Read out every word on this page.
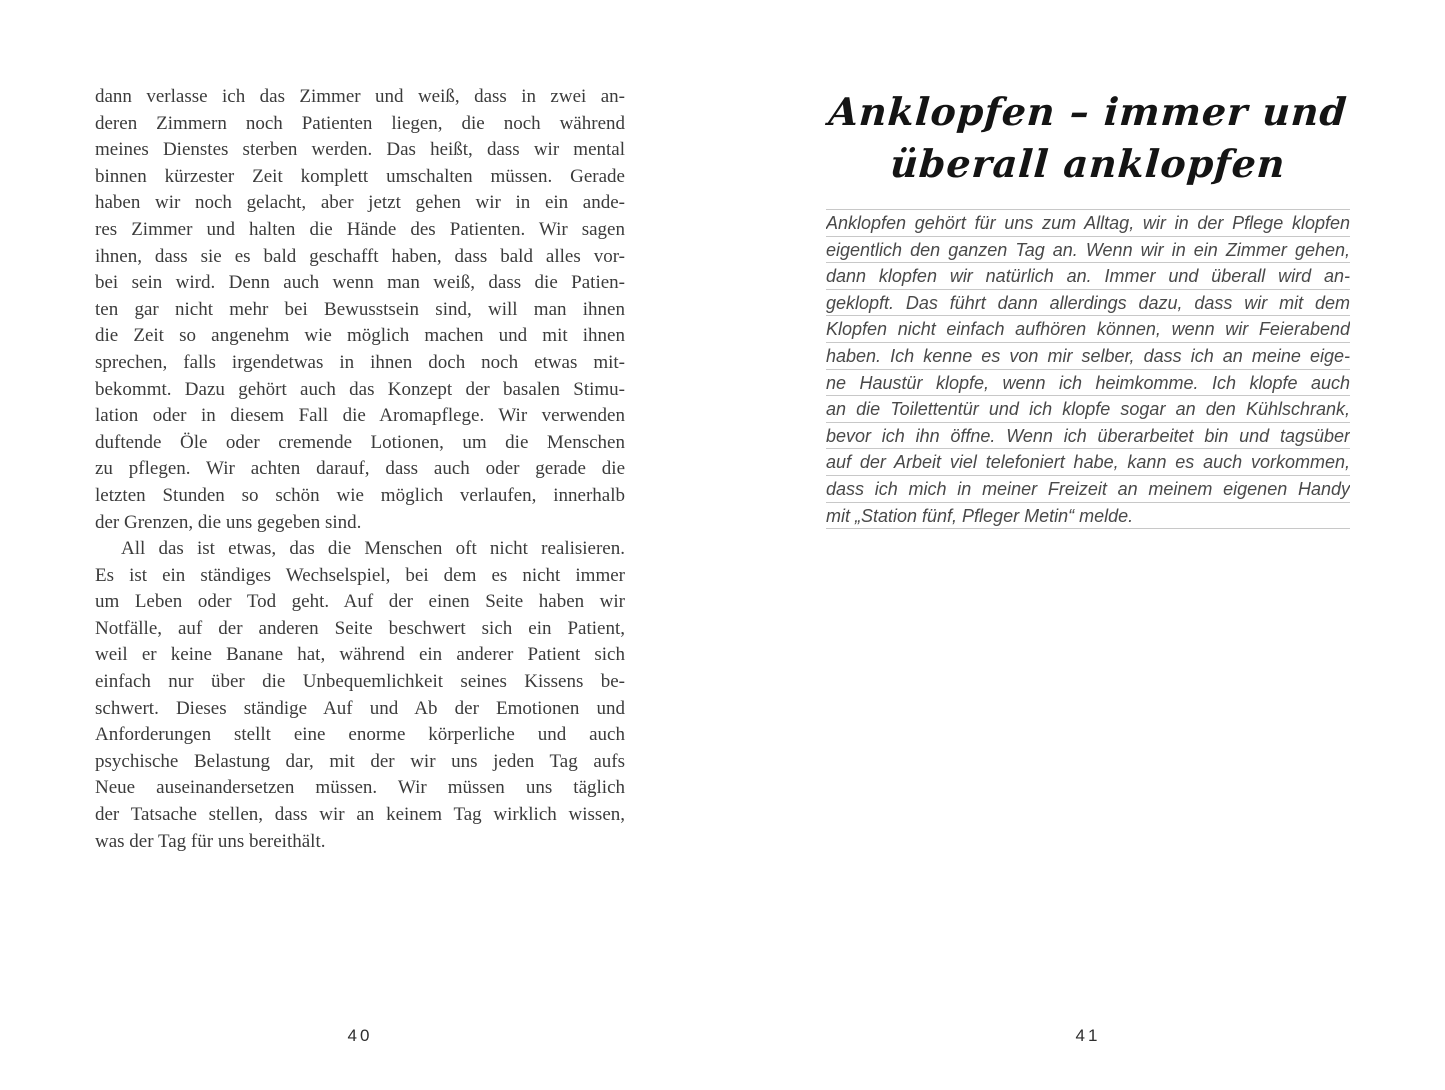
dann verlasse ich das Zimmer und weiß, dass in zwei an-
deren Zimmern noch Patienten liegen, die noch während
meines Dienstes sterben werden. Das heißt, dass wir mental
binnen kürzester Zeit komplett umschalten müssen. Gerade
haben wir noch gelacht, aber jetzt gehen wir in ein ande-
res Zimmer und halten die Hände des Patienten. Wir sagen
ihnen, dass sie es bald geschafft haben, dass bald alles vor-
bei sein wird. Denn auch wenn man weiß, dass die Patien-
ten gar nicht mehr bei Bewusstsein sind, will man ihnen
die Zeit so angenehm wie möglich machen und mit ihnen
sprechen, falls irgendetwas in ihnen doch noch etwas mit-
bekommt. Dazu gehört auch das Konzept der basalen Stimu-
lation oder in diesem Fall die Aromapflege. Wir verwenden
duftende Öle oder cremende Lotionen, um die Menschen
zu pflegen. Wir achten darauf, dass auch oder gerade die
letzten Stunden so schön wie möglich verlaufen, innerhalb
der Grenzen, die uns gegeben sind.
All das ist etwas, das die Menschen oft nicht realisieren.
Es ist ein ständiges Wechselspiel, bei dem es nicht immer
um Leben oder Tod geht. Auf der einen Seite haben wir
Notfälle, auf der anderen Seite beschwert sich ein Patient,
weil er keine Banane hat, während ein anderer Patient sich
einfach nur über die Unbequemlichkeit seines Kissens be-
schwert. Dieses ständige Auf und Ab der Emotionen und
Anforderungen stellt eine enorme körperliche und auch
psychische Belastung dar, mit der wir uns jeden Tag aufs
Neue auseinandersetzen müssen. Wir müssen uns täglich
der Tatsache stellen, dass wir an keinem Tag wirklich wissen,
was der Tag für uns bereithält.
Anklopfen – immer und
überall anklopfen
Anklopfen gehört für uns zum Alltag, wir in der Pflege klopfen
eigentlich den ganzen Tag an. Wenn wir in ein Zimmer gehen,
dann klopfen wir natürlich an. Immer und überall wird an-
geklopft. Das führt dann allerdings dazu, dass wir mit dem
Klopfen nicht einfach aufhören können, wenn wir Feierabend
haben. Ich kenne es von mir selber, dass ich an meine eige-
ne Haustür klopfe, wenn ich heimkomme. Ich klopfe auch
an die Toilettentür und ich klopfe sogar an den Kühlschrank,
bevor ich ihn öffne. Wenn ich überarbeitet bin und tagsüber
auf der Arbeit viel telefoniert habe, kann es auch vorkommen,
dass ich mich in meiner Freizeit an meinem eigenen Handy
mit „Station fünf, Pfleger Metin“ melde.
40	41
